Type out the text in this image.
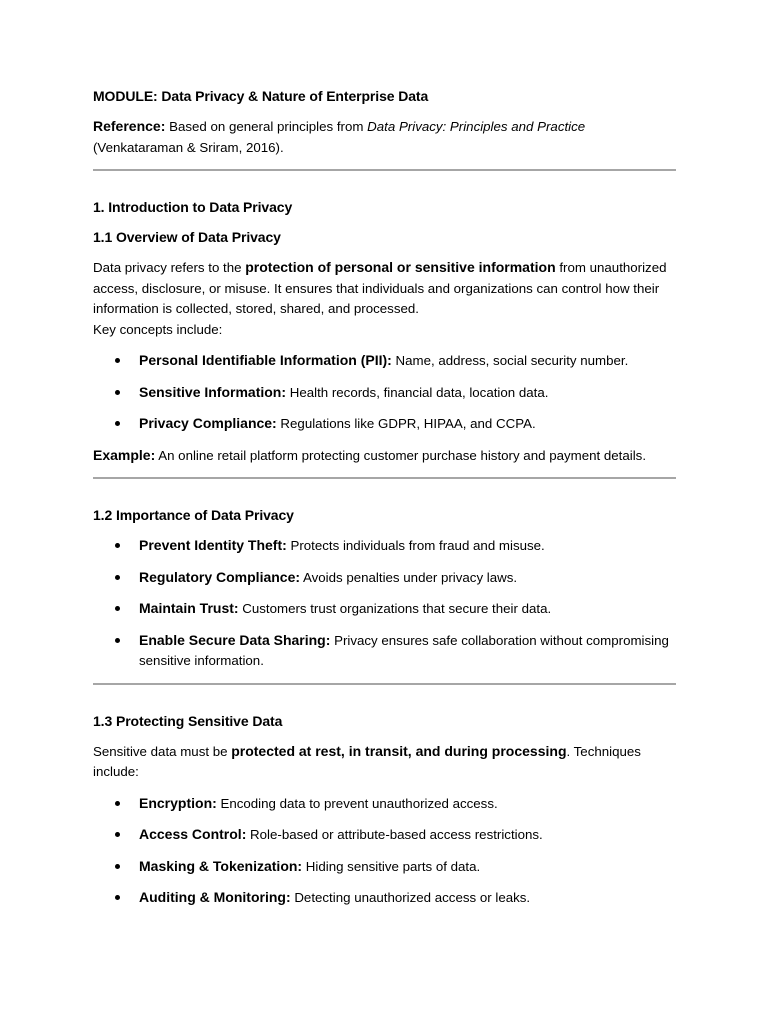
MODULE: Data Privacy & Nature of Enterprise Data
Reference: Based on general principles from Data Privacy: Principles and Practice (Venkataraman & Sriram, 2016).
1. Introduction to Data Privacy
1.1 Overview of Data Privacy
Data privacy refers to the protection of personal or sensitive information from unauthorized access, disclosure, or misuse. It ensures that individuals and organizations can control how their information is collected, stored, shared, and processed.
Key concepts include:
Personal Identifiable Information (PII): Name, address, social security number.
Sensitive Information: Health records, financial data, location data.
Privacy Compliance: Regulations like GDPR, HIPAA, and CCPA.
Example: An online retail platform protecting customer purchase history and payment details.
1.2 Importance of Data Privacy
Prevent Identity Theft: Protects individuals from fraud and misuse.
Regulatory Compliance: Avoids penalties under privacy laws.
Maintain Trust: Customers trust organizations that secure their data.
Enable Secure Data Sharing: Privacy ensures safe collaboration without compromising sensitive information.
1.3 Protecting Sensitive Data
Sensitive data must be protected at rest, in transit, and during processing. Techniques include:
Encryption: Encoding data to prevent unauthorized access.
Access Control: Role-based or attribute-based access restrictions.
Masking & Tokenization: Hiding sensitive parts of data.
Auditing & Monitoring: Detecting unauthorized access or leaks.
